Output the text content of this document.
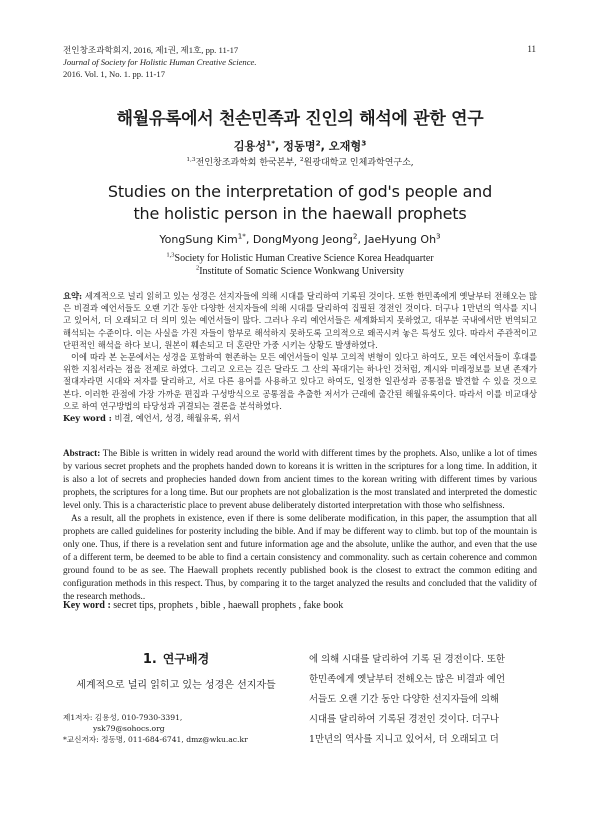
전인창조과학회지, 2016, 제1권, 제1호, pp. 11-17
Journal of Society for Holistic Human Creative Science.
2016. Vol. 1, No. 1. pp. 11-17
11
해월유록에서 천손민족과 진인의 해석에 관한 연구
김용성$^{1*}$, 정동명$^2$, 오재형$^3$
$^{1,3}$전인창조과학회 한국본부, $^2$원광대학교 인체과학연구소,
Studies on the interpretation of god's people and
the holistic person in the haewall prophets
YongSung Kim$^{1*}$, DongMyong Jeong$^2$, JaeHyung Oh$^3$
$^{1,3}$Society for Holistic Human Creative Science Korea Headquarter
$^2$Institute of Somatic Science Wonkwang University

요약: 세계적으로 널리 읽히고 있는 성경은 선지자들에 의해 시대를 달리하여 기록된 것이다. 또한 한민족에게 옛날부터 전해오는 많은 비결과 예언서들도 오랜 기간 동안 다양한 선지자들에 의해 시대를 달리하여 집필된 경전인 것이다. 더구나 1만년의 역사를 지니고 있어서, 더 오래되고 더 의미 있는 예언서들이 많다. 그러나 우리 예언서들은 세계화되지 못하였고, 대부분 국내에서만 번역되고 해석되는 수준이다. 이는 사실을 가진 자들이 함부로 해석하지 못하도록 고의적으로 왜곡시켜 놓은 특성도 있다. 따라서 주관적이고 단편적인 해석을 하다 보니, 원본이 훼손되고 더 혼란만 가중 시키는 상황도 발생하였다.

이에 따라 본 논문에서는 성경을 포함하여 현존하는 모든 예언서들이 일부 고의적 변형이 있다고 하여도, 모든 예언서들이 후대를 위한 지침서라는 점을 전제로 하였다. 그리고 오르는 길은 달라도 그 산의 꼭대기는 하나인 것처럼, 계시와 미래정보를 보낸 존재가 절대자라면 시대와 저자를 달리하고, 서로 다른 용어를 사용하고 있다고 하여도, 일정한 일관성과 공통점을 발견할 수 있을 것으로 본다. 이러한 관점에 가장 가까운 편집과 구성방식으로 공통점을 추출한 저서가 근래에 출간된 해월유록이다. 따라서 이를 비교대상으로 하여 연구방법의 타당성과 귀결되는 결론을 분석하였다.

Key word : 비결, 예언서, 성경, 해월유록, 위서

Abstract: The Bible is written in widely read around the world with different times by the prophets. Also, unlike a lot of times by various secret prophets and the prophets handed down to koreans it is written in the scriptures for a long time. In addition, it is also a lot of secrets and prophecies handed down from ancient times to the korean writing with different times by various prophets, the scriptures for a long time. But our prophets are not globalization is the most translated and interpreted the domestic level only. This is a characteristic place to prevent abuse deliberately distorted interpretation with those who selfishness.

As a result, all the prophets in existence, even if there is some deliberate modification, in this paper, the assumption that all prophets are called guidelines for posterity including the bible. And if may be different way to climb. but top of the mountain is only one. Thus, if there is a revelation sent and future information age and the absolute, unlike the author, and even that the use of a different term, be deemed to be able to find a certain consistency and commonality. such as certain coherence and common ground found to be as see. The Haewall prophets recently published book is the closest to extract the common editing and configuration methods in this respect. Thus, by comparing it to the target analyzed the results and concluded that the validity of the research methods..

Key word : secret tips, prophets , bible , haewall prophets , fake book
1. 연구배경
세계적으로 널리 읽히고 있는 성경은 선지자들
제1저자: 김용성, 010-7930-3391,
ysk79@sohocs.org
*교신저자: 정동명, 011-684-6741, dmz@wku.ac.kr
에 의해 시대를 달리하여 기록 된 경전이다. 또한
한민족에게 옛날부터 전해오는 많은 비결과 예언
서들도 오랜 기간 동안 다양한 선지자들에 의해
시대를 달리하여 기록된 경전인 것이다. 더구나
1만년의 역사를 지니고 있어서, 더 오래되고 더
